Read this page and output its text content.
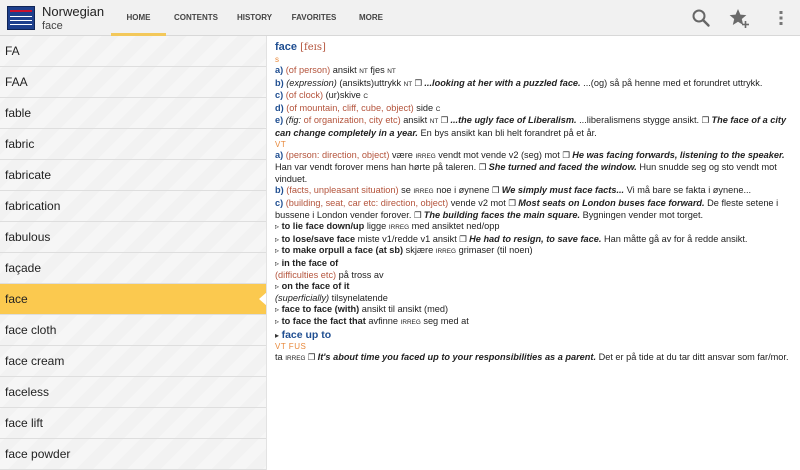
Norwegian
face
HOME	CONTENTS	HISTORY	FAVORITES	MORE
FA
FAA
fable
fabric
fabricate
fabrication
fabulous
façade
face
face cloth
face cream
faceless
face lift
face powder
face [feɪs]
s
a) (of person) ansikt NT fjes NT
b) (expression) (ansikts)uttrykk NT ❐ ...looking at her with a puzzled face. ...(og) så på henne med et forundret uttrykk.
c) (of clock) (ur)skive C
d) (of mountain, cliff, cube, object) side C
e) (fig: of organization, city etc) ansikt NT ❐ ...the ugly face of Liberalism. ...liberalismens stygge ansikt. ❐ The face of a city can change completely in a year. En bys ansikt kan bli helt forandret på et år.
VT
a) (person: direction, object) være IRREG vendt mot vende v2 (seg) mot ❐ He was facing forwards, listening to the speaker. Han var vendt forover mens han hørte på taleren. ❐ She turned and faced the window. Hun snudde seg og sto vendt mot vinduet.
b) (facts, unpleasant situation) se IRREG noe i øynene ❐ We simply must face facts... Vi må bare se fakta i øynene...
c) (building, seat, car etc: direction, object) vende v2 mot ❐ Most seats on London buses face forward. De fleste setene i bussene i London vender forover. ❐ The building faces the main square. Bygningen vender mot torget.
▹ to lie face down/up ligge IRREG med ansiktet ned/opp
▹ to lose/save face miste v1/redde v1 ansikt ❐ He had to resign, to save face. Han måtte gå av for å redde ansikt.
▹ to make orpull a face (at sb) skjære IRREG grimaser (til noen)
▹ in the face of
(difficulties etc) på tross av
▹ on the face of it
(superficially) tilsynelatende
▹ face to face (with) ansikt til ansikt (med)
▹ to face the fact that avfinne IRREG seg med at
▸ face up to
VT FUS
ta IRREG ❐ It's about time you faced up to your responsibilities as a parent. Det er på tide at du tar ditt ansvar som far/mor.
